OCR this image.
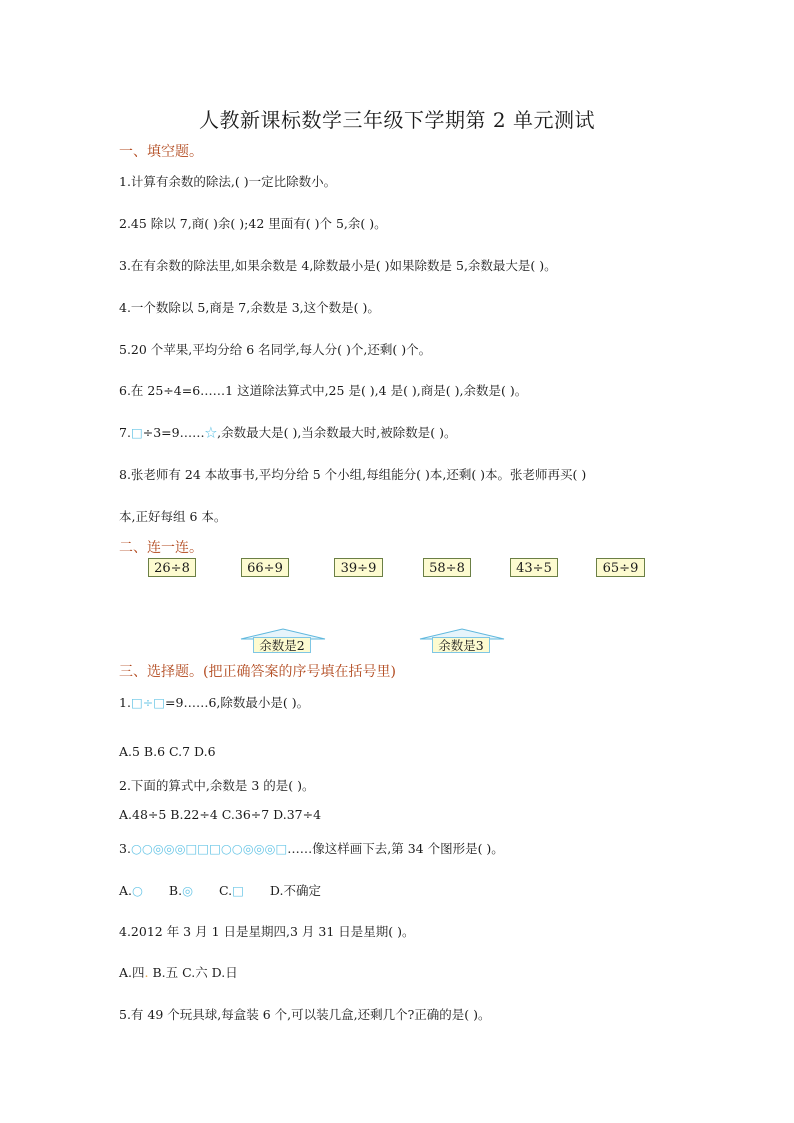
人教新课标数学三年级下学期第 2 单元测试
一、填空题。
1.计算有余数的除法,( )一定比除数小。
2.45 除以 7,商( )余( );42 里面有( )个 5,余( )。
3.在有余数的除法里,如果余数是 4,除数最小是( )如果除数是 5,余数最大是( )。
4.一个数除以 5,商是 7,余数是 3,这个数是( )。
5.20 个苹果,平均分给 6 名同学,每人分( )个,还剩( )个。
6.在 25÷4=6……1 这道除法算式中,25 是( ),4 是( ),商是( ),余数是( )。
7.□÷3=9……☆,余数最大是( ),当余数最大时,被除数是( )。
8.张老师有 24 本故事书,平均分给 5 个小组,每组能分( )本,还剩( )本。张老师再买( )
本,正好每组 6 本。
二、连一连。
26÷8	66÷9	39÷9	58÷8	43÷5	65÷9
余数是2	余数是3
三、选择题。(把正确答案的序号填在括号里)
1.□÷□=9……6,除数最小是( )。
A.5 B.6 C.7 D.6
2.下面的算式中,余数是 3 的是( )。
A.48÷5 B.22÷4 C.36÷7 D.37÷4
3.○○◎◎◎□□□○○◎◎◎□……像这样画下去,第 34 个图形是( )。
A.○ B.◎ C.□ D.不确定
4.2012 年 3 月 1 日是星期四,3 月 31 日是星期( )。
A.四. B.五 C.六 D.日
5.有 49 个玩具球,每盒装 6 个,可以装几盒,还剩几个?正确的是( )。
